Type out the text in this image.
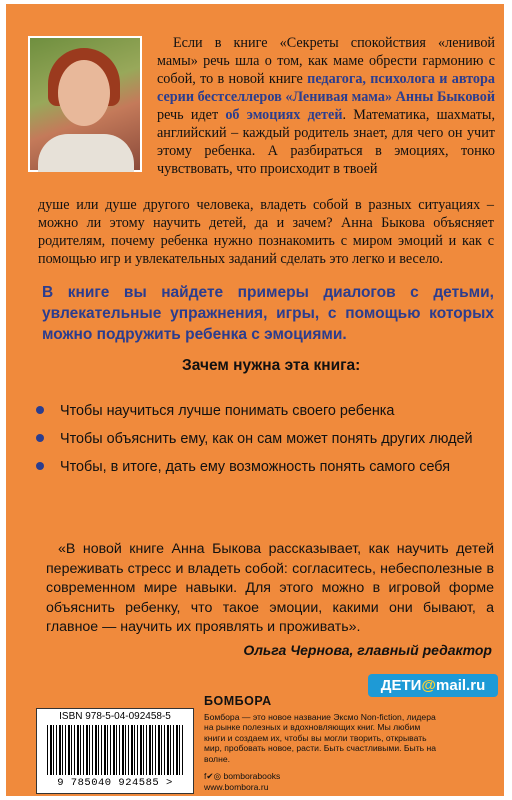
Если в книге «Секреты спокойствия «ленивой мамы» речь шла о том, как маме обрести гармонию с собой, то в новой книге педагога, психолога и автора серии бестселлеров «Ленивая мама» Анны Быковой речь идет об эмоциях детей. Математика, шахматы, английский – каждый родитель знает, для чего он учит этому ребенка. А разбираться в эмоциях, тонко чувствовать, что происходит в твоей
душе или душе другого человека, владеть собой в разных ситуациях – можно ли этому научить детей, да и зачем? Анна Быкова объясняет родителям, почему ребенка нужно познакомить с миром эмоций и как с помощью игр и увлекательных заданий сделать это легко и весело.
В книге вы найдете примеры диалогов с детьми, увлекательные упражнения, игры, с помощью которых можно подружить ребенка с эмоциями.
Зачем нужна эта книга:
Чтобы научиться лучше понимать своего ребенка
Чтобы объяснить ему, как он сам может понять других людей
Чтобы, в итоге, дать ему возможность понять самого себя
«В новой книге Анна Быкова рассказывает, как научить детей переживать стресс и владеть собой: согласитесь, небесполезные в современном мире навыки. Для этого можно в игровой форме объяснить ребенку, что такое эмоции, какими они бывают, а главное — научить их проявлять и проживать».
Ольга Чернова, главный редактор
ДЕТИ@mail.ru
ISBN 978-5-04-092458-5
9 785040 924585 >
БОМБОРА
Бомбора — это новое название Эксмо Non-fiction, лидера на рынке полезных и вдохновляющих книг. Мы любим книги и создаем их, чтобы вы могли творить, открывать мир, пробовать новое, расти. Быть счастливыми. Быть на волне.
f✔◎ bomborabooks
www.bombora.ru
